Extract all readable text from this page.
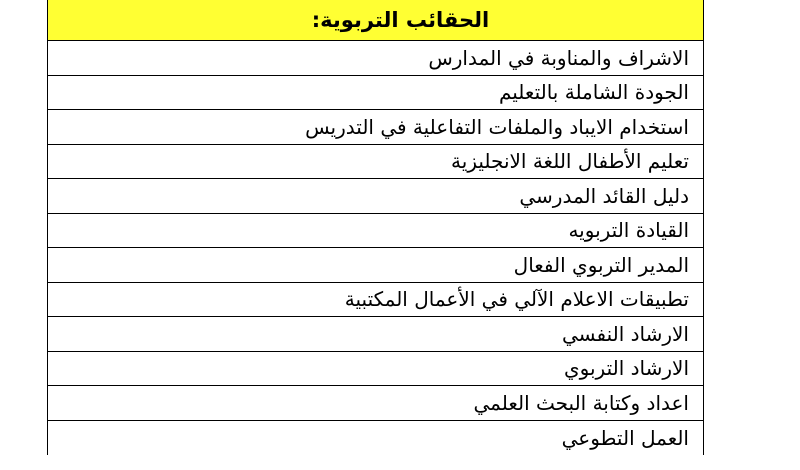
الحقائب التربوية:
الاشراف والمناوبة في المدارس
الجودة الشاملة بالتعليم
استخدام الايباد والملفات التفاعلية في التدريس
تعليم الأطفال اللغة الانجليزية
دليل القائد المدرسي
القيادة التربويه
المدير التربوي الفعال
تطبيقات الاعلام الآلي في الأعمال المكتبية
الارشاد النفسي
الارشاد التربوي
اعداد وكتابة البحث العلمي
العمل التطوعي
